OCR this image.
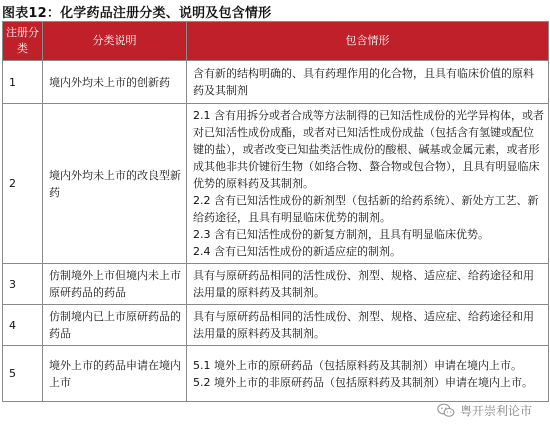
图表12：化学药品注册分类、说明及包含情形
注册分类	分类说明	包含情形
1	境内外均未上市的创新药	含有新的结构明确的、具有药理作用的化合物，且具有临床价值的原料药及其制剂

2	境内外均未上市的改良型新药	2.1 含有用拆分或者合成等方法制得的已知活性成份的光学异构体，或者对已知活性成份成酯，或者对已知活性成份成盐（包括含有氢键或配位键的盐），或者改变已知盐类活性成份的酸根、碱基或金属元素，或者形成其他非共价键衍生物（如络合物、螯合物或包合物），且具有明显临床优势的原料药及其制剂。

2.2 含有已知活性成份的新剂型（包括新的给药系统）、新处方工艺、新给药途径，且具有明显临床优势的制剂。

2.3 含有已知活性成份的新复方制剂，且具有明显临床优势。

2.4 含有已知活性成份的新适应症的制剂。

3	仿制境外上市但境内未上市原研药品的药品	具有与原研药品相同的活性成份、剂型、规格、适应症、给药途径和用法用量的原料药及其制剂。

4	仿制境内已上市原研药品的药品	具有与原研药品相同的活性成份、剂型、规格、适应症、给药途径和用法用量的原料药及其制剂。

5	境外上市的药品申请在境内上市	5.1 境外上市的原研药品（包括原料药及其制剂）申请在境内上市。

5.2 境外上市的非原研药品（包括原料药及其制剂）申请在境内上市。

粤开崇利论市
